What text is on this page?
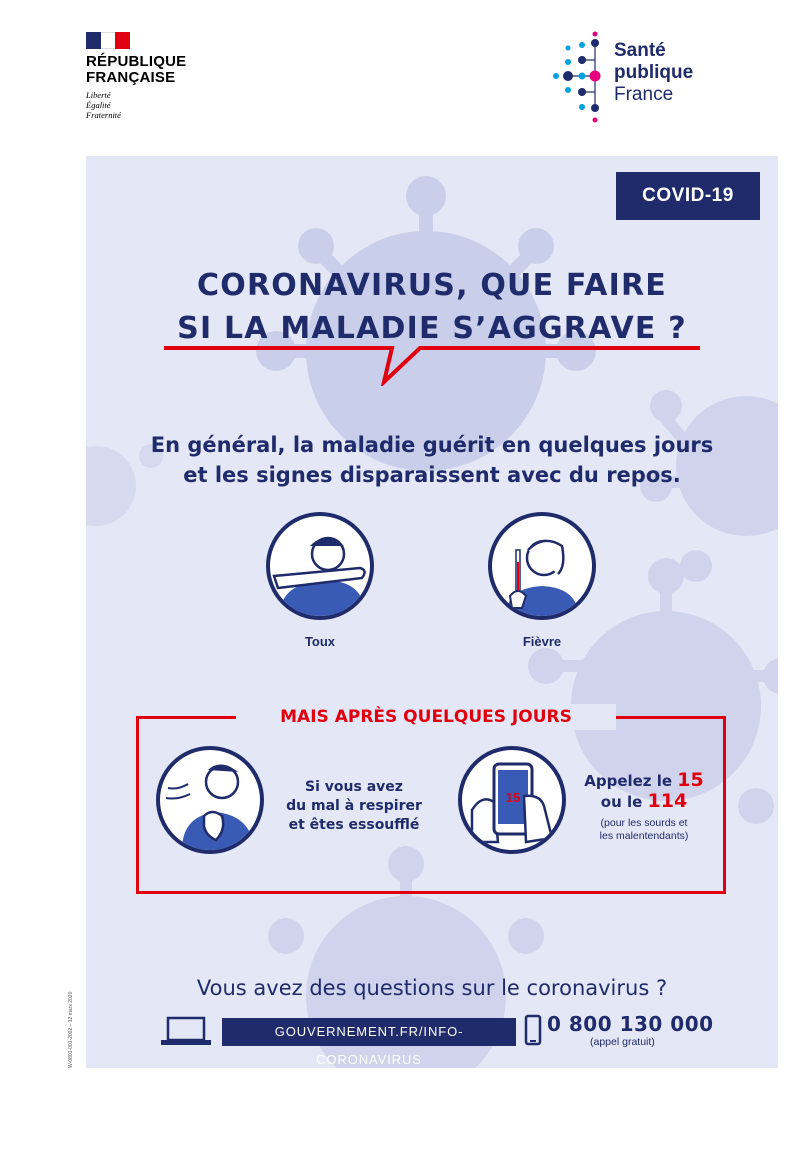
RÉPUBLIQUE
FRANÇAISE
Liberté
Égalité
Fraternité
Santé
publique
France
COVID-19
CORONAVIRUS, QUE FAIRE
SI LA MALADIE S’AGGRAVE ?
En général, la maladie guérit en quelques jours
et les signes disparaissent avec du repos.
Toux	Fièvre
MAIS APRÈS QUELQUES JOURS
Si vous avez
du mal à respirer
et êtes essoufflé
15
Appelez le 15
ou le 114
(pour les sourds et
les malentendants)
Vous avez des questions sur le coronavirus ?
GOUVERNEMENT.FR/INFO-CORONAVIRUS
0 800 130 000
(appel gratuit)
W-0801-001-2002 – 12 mars 2020
